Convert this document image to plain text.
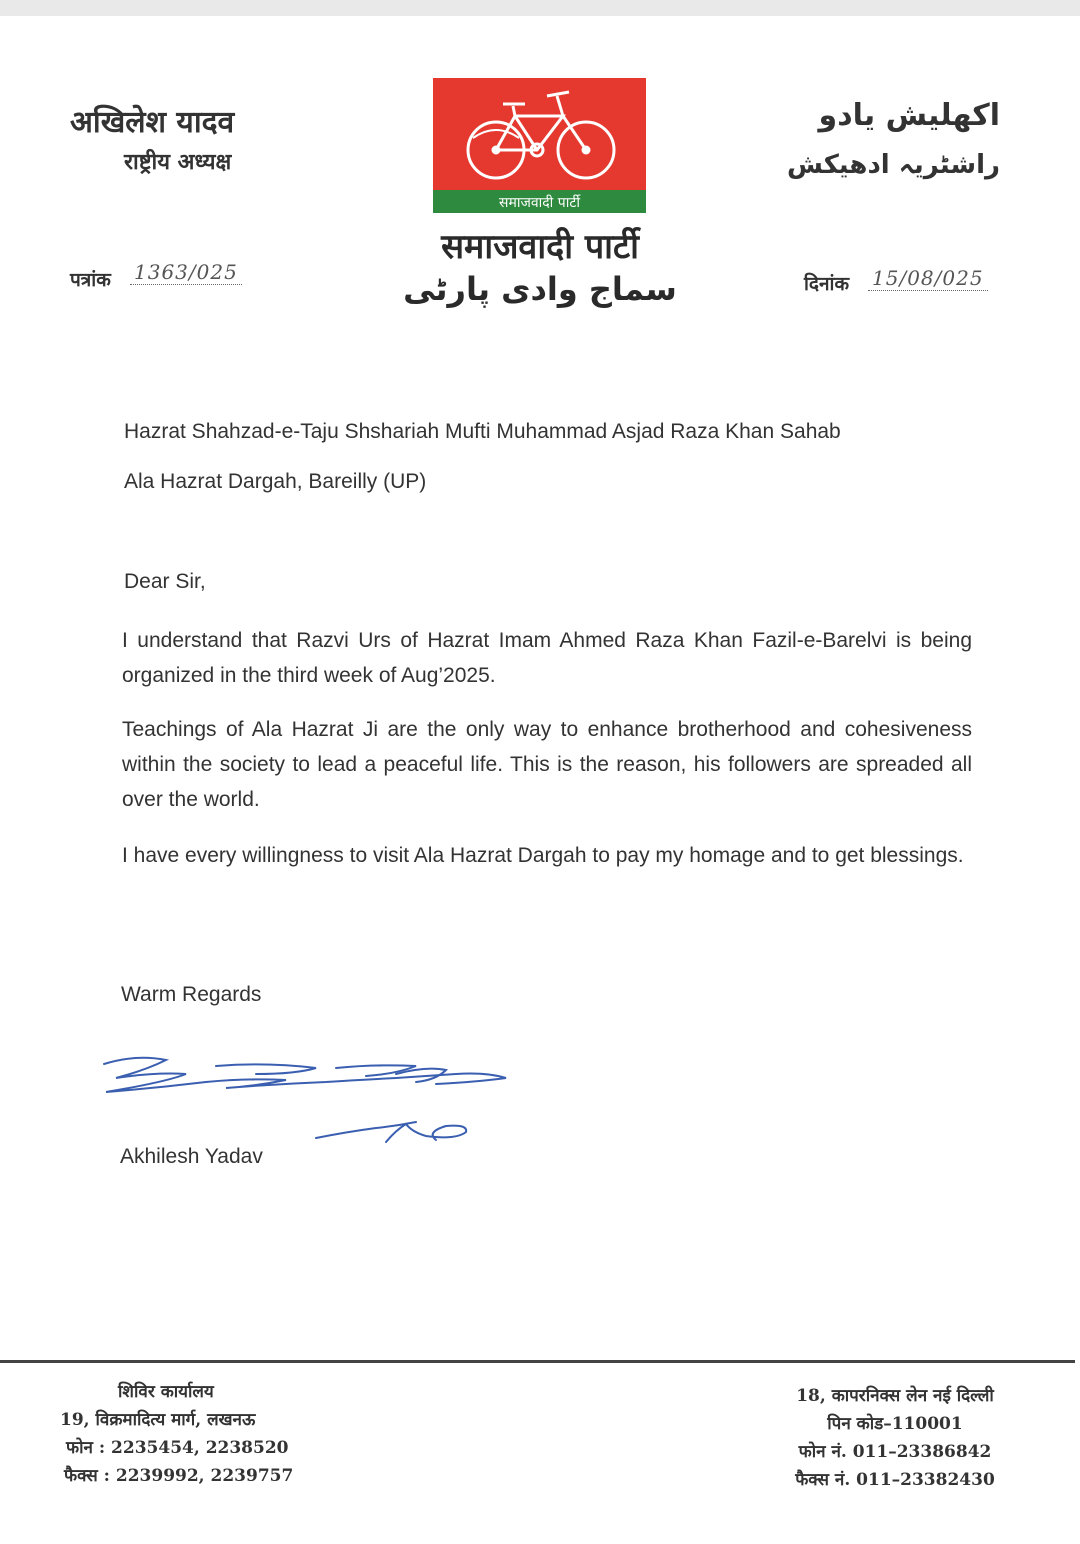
अखिलेश यादव
राष्ट्रीय अध्यक्ष
اکھلیش یادو
راشٹریہ ادھیکش
समाजवादी पार्टी
समाजवादी पार्टी
سماج وادی پارٹی
पत्रांक 1363/025	दिनांक 15/08/025
Hazrat Shahzad-e-Taju Shshariah Mufti Muhammad Asjad Raza Khan Sahab
Ala Hazrat Dargah, Bareilly (UP)
Dear Sir,
I understand that Razvi Urs of Hazrat Imam Ahmed Raza Khan Fazil-e-Barelvi is being organized in the third week of Aug’2025.
Teachings of Ala Hazrat Ji are the only way to enhance brotherhood and cohesiveness within the society to lead a peaceful life. This is the reason, his followers are spreaded all over the world.
I have every willingness to visit Ala Hazrat Dargah to pay my homage and to get blessings.
Warm Regards
Akhilesh Yadav
शिविर कार्यालय
19, विक्रमादित्य मार्ग, लखनऊ
फोन : 2235454, 2238520
फैक्स : 2239992, 2239757
18, कापरनिक्स लेन नई दिल्ली
पिन कोड–110001
फोन नं. 011–23386842
फैक्स नं. 011–23382430
